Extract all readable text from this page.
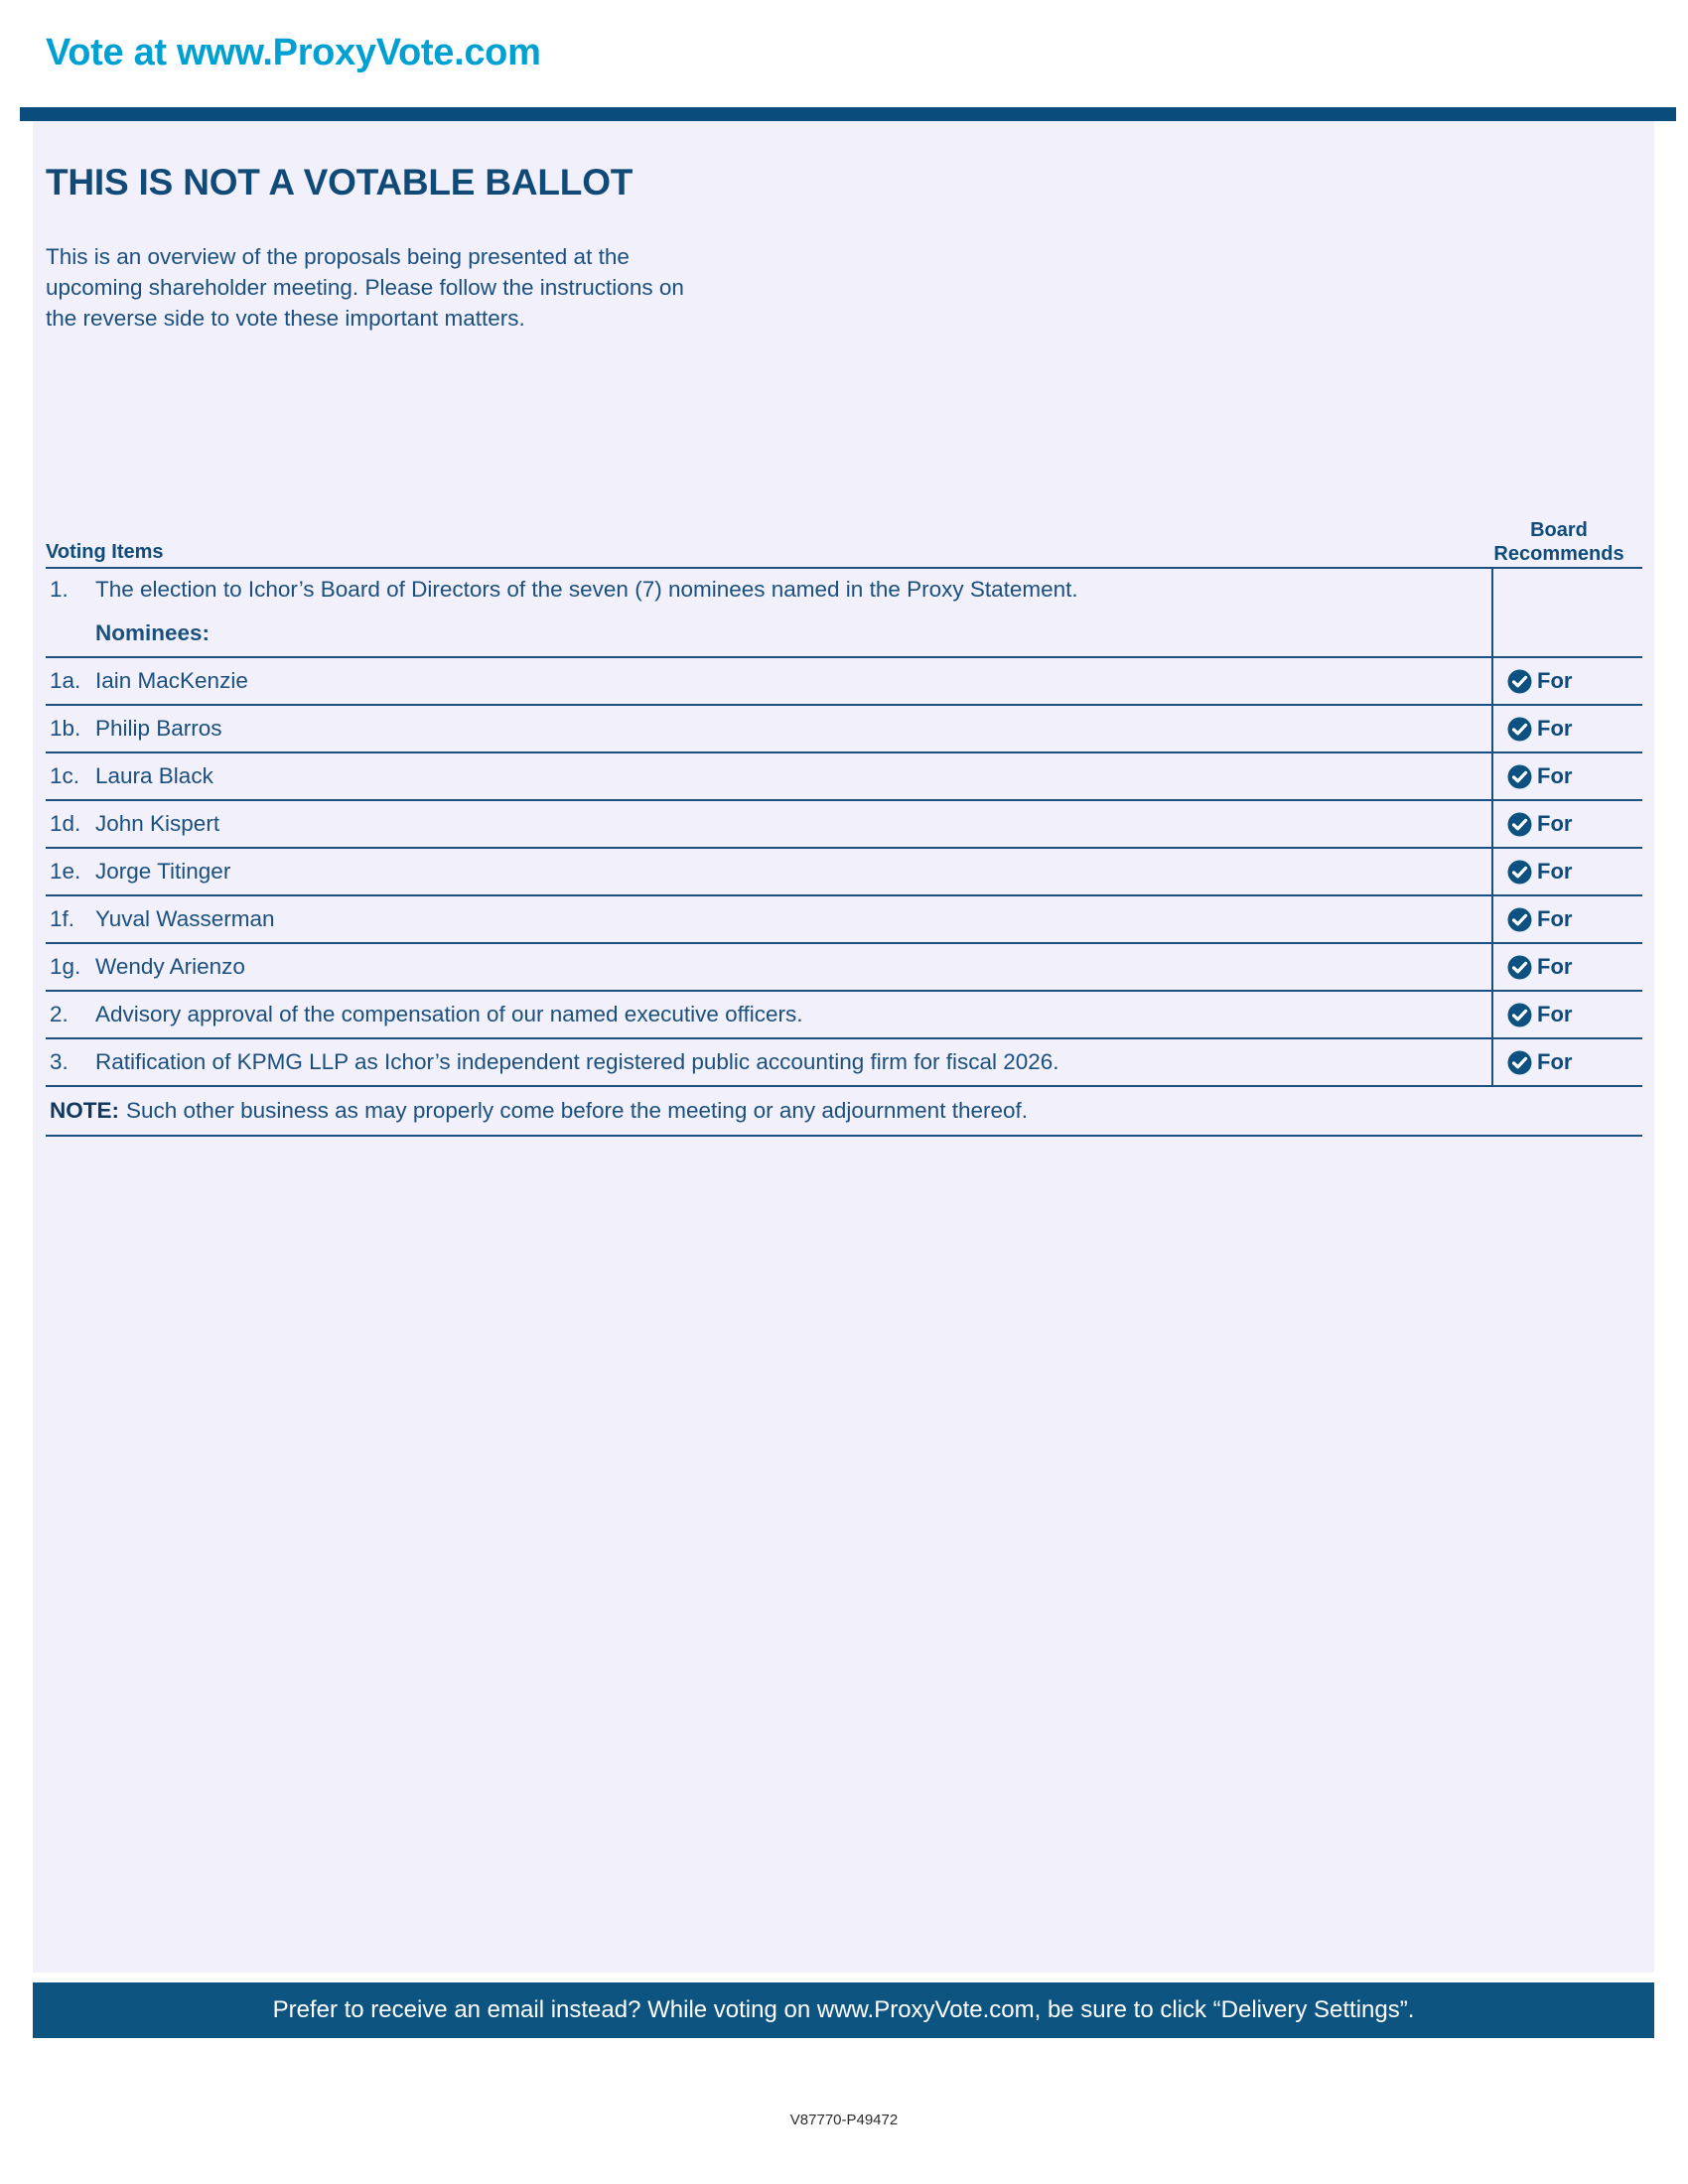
Vote at www.ProxyVote.com
THIS IS NOT A VOTABLE BALLOT
This is an overview of the proposals being presented at the
upcoming shareholder meeting. Please follow the instructions on
the reverse side to vote these important matters.
Voting Items
Board
Recommends
1.	The election to Ichor’s Board of Directors of the seven (7) nominees named in the Proxy Statement.
Nominees:
1a. Iain MacKenzie	For
1b. Philip Barros	For
1c. Laura Black	For
1d. John Kispert	For
1e. Jorge Titinger	For
1f. Yuval Wasserman	For
1g. Wendy Arienzo	For
2.	Advisory approval of the compensation of our named executive officers.	For
3.	Ratification of KPMG LLP as Ichor’s independent registered public accounting firm for fiscal 2026.	For
NOTE: Such other business as may properly come before the meeting or any adjournment thereof.
Prefer to receive an email instead? While voting on www.ProxyVote.com, be sure to click “Delivery Settings”.
V87770-P49472
